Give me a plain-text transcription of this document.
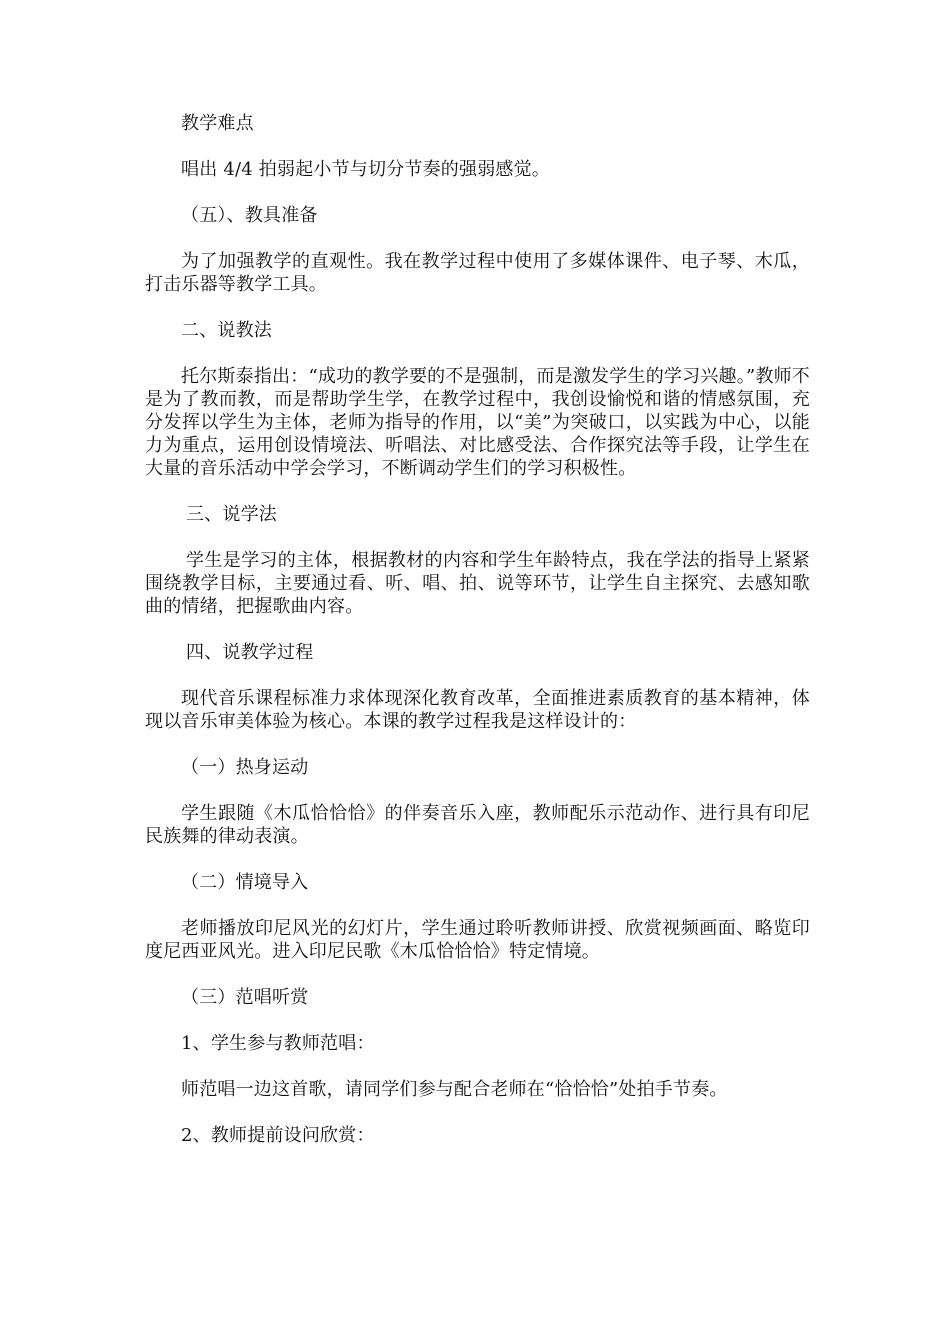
教学难点

唱出 4/4 拍弱起小节与切分节奏的强弱感觉。

（五）、教具准备

为了加强教学的直观性。我在教学过程中使用了多媒体课件、电子琴、木瓜，打击乐器等教学工具。

二、说教法

托尔斯泰指出：“成功的教学要的不是强制，而是激发学生的学习兴趣。”教师不是为了教而教，而是帮助学生学，在教学过程中，我创设愉悦和谐的情感氛围，充分发挥以学生为主体，老师为指导的作用，以“美”为突破口，以实践为中心，以能力为重点，运用创设情境法、听唱法、对比感受法、合作探究法等手段，让学生在大量的音乐活动中学会学习，不断调动学生们的学习积极性。

三、说学法

学生是学习的主体，根据教材的内容和学生年龄特点，我在学法的指导上紧紧围绕教学目标，主要通过看、听、唱、拍、说等环节，让学生自主探究、去感知歌曲的情绪，把握歌曲内容。

四、说教学过程

现代音乐课程标准力求体现深化教育改革，全面推进素质教育的基本精神，体现以音乐审美体验为核心。本课的教学过程我是这样设计的：

（一）热身运动

学生跟随《木瓜恰恰恰》的伴奏音乐入座，教师配乐示范动作、进行具有印尼民族舞的律动表演。

（二）情境导入

老师播放印尼风光的幻灯片，学生通过聆听教师讲授、欣赏视频画面、略览印度尼西亚风光。进入印尼民歌《木瓜恰恰恰》特定情境。

（三）范唱听赏

1、学生参与教师范唱：

师范唱一边这首歌，请同学们参与配合老师在“恰恰恰”处拍手节奏。

2、教师提前设问欣赏：
